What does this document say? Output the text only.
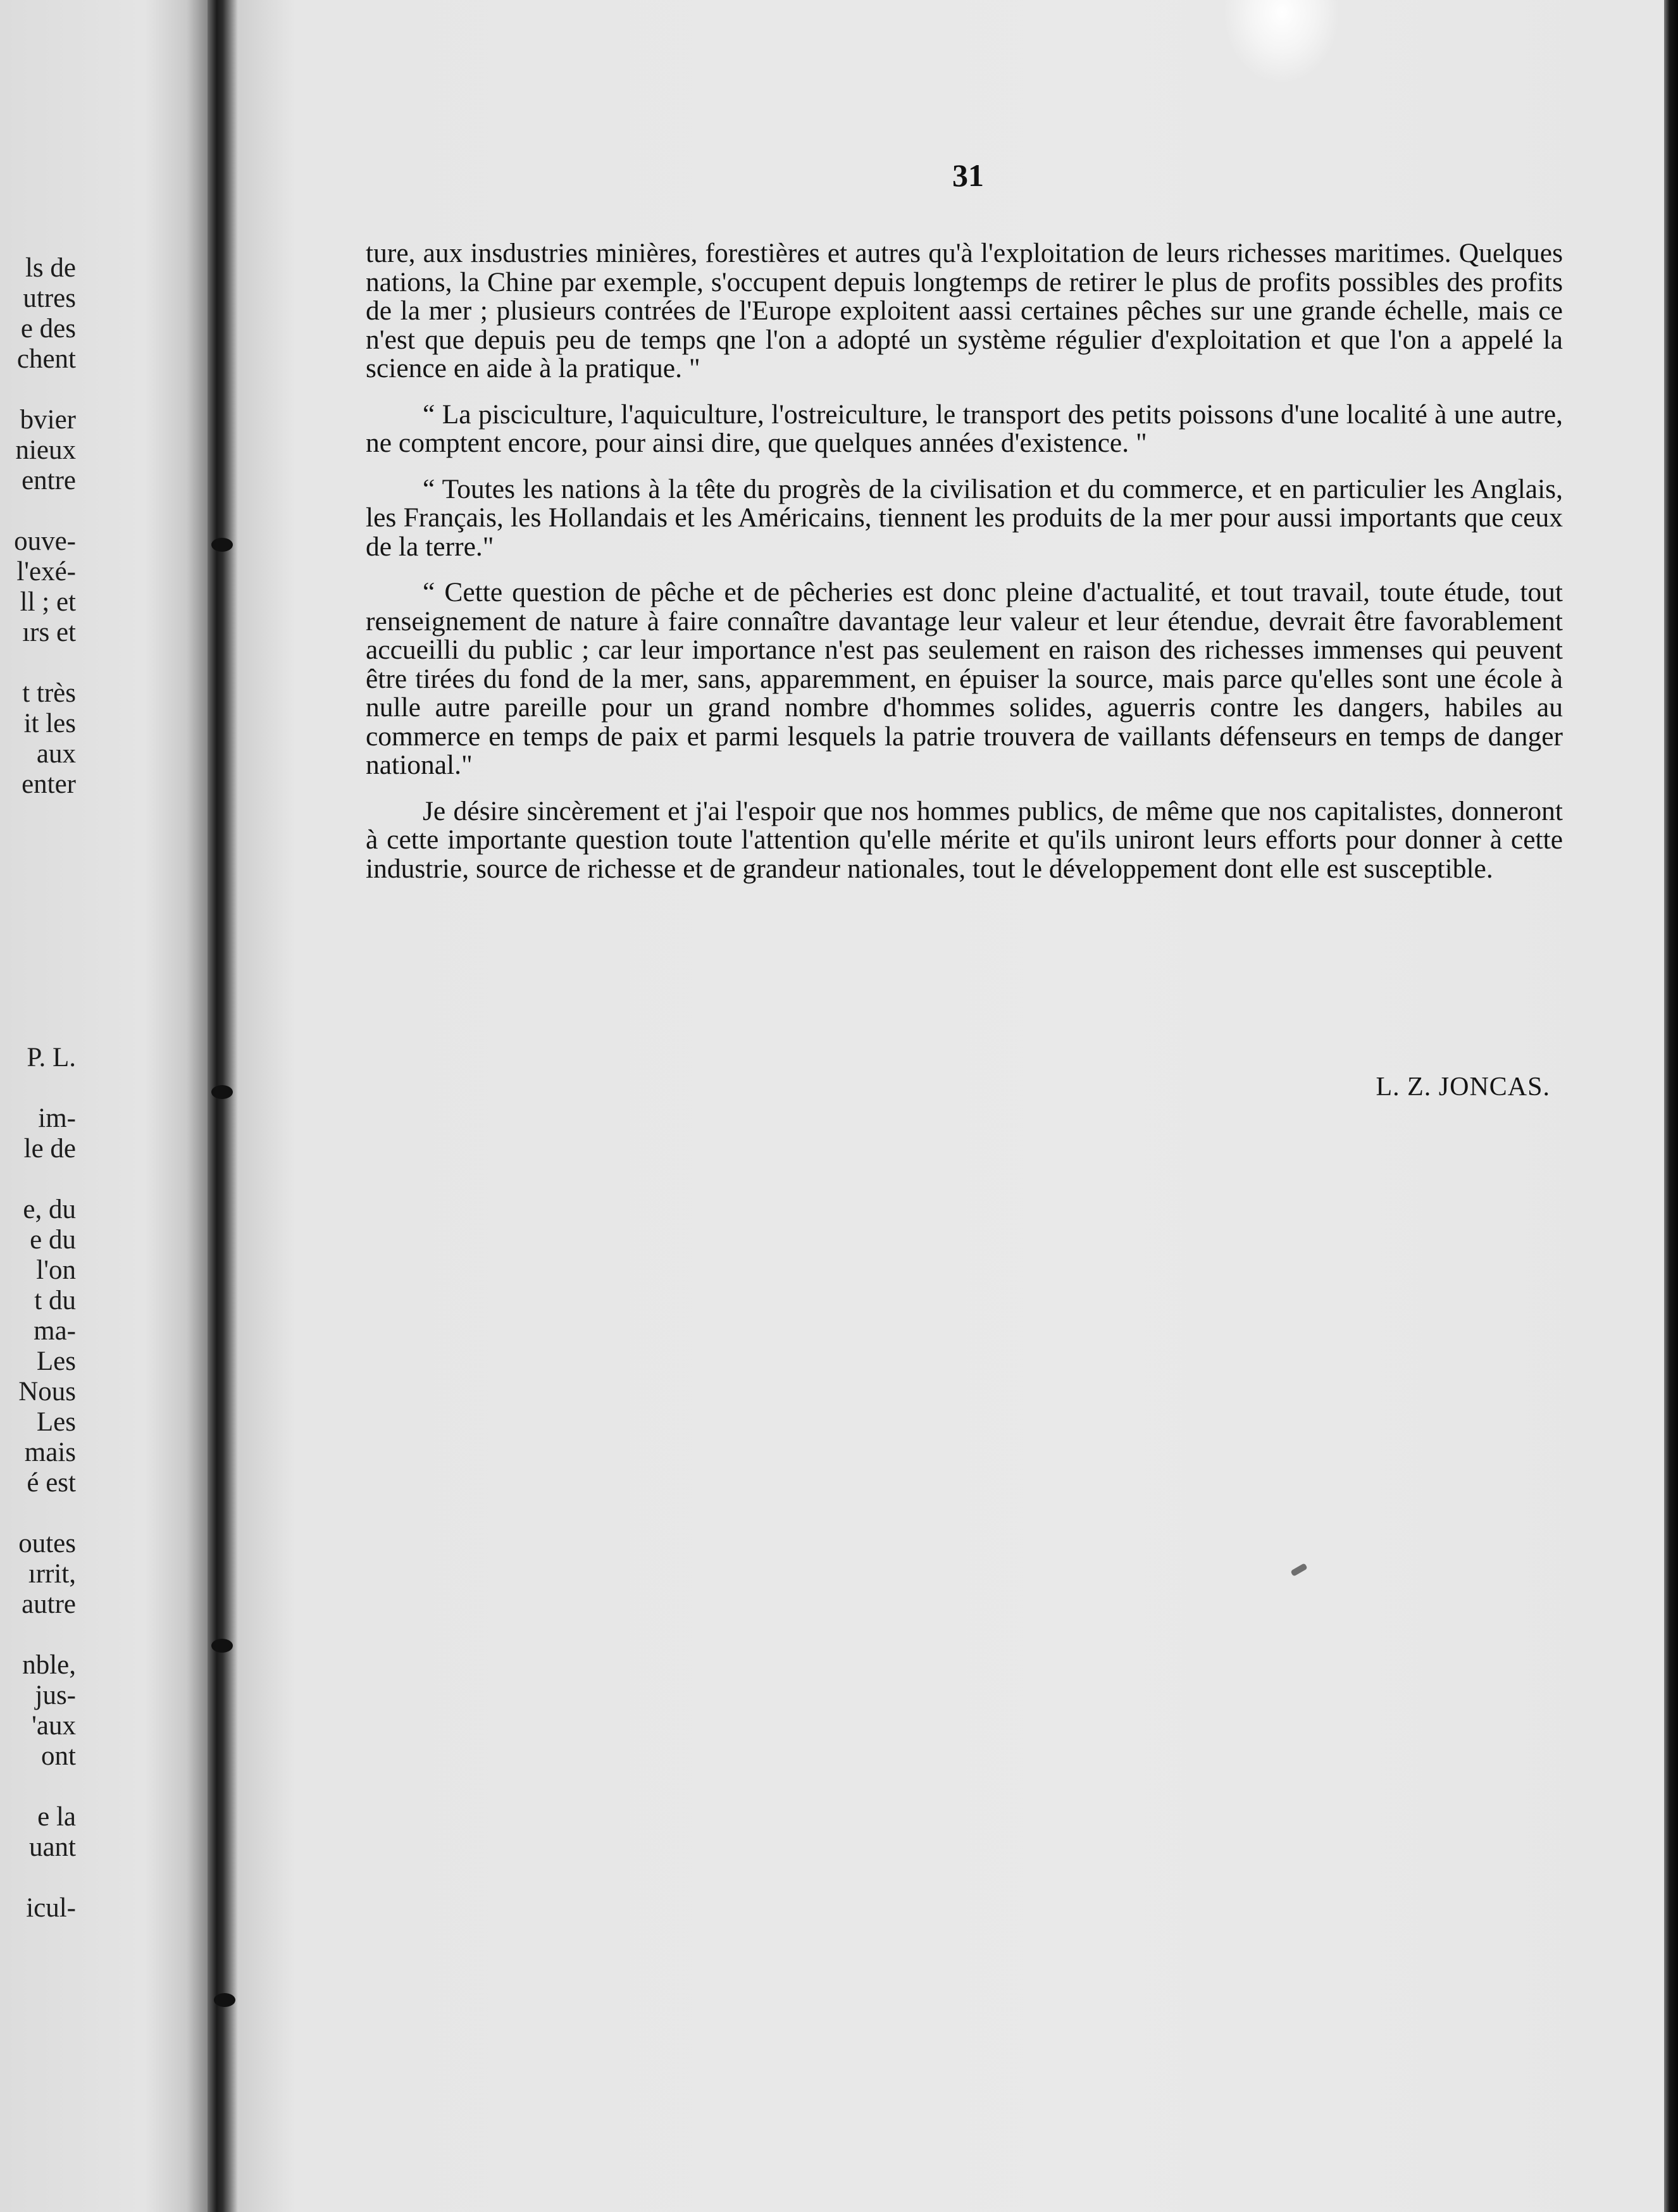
ls de
utres
e des
chent
bvier
nieux
entre
ouve-
l'exé-
ll ; et
ırs et
t très
it les
aux
enter
P. L.
im-
le de
e, du
e du
l'on
t du
ma-
Les
Nous
Les
mais
é est
outes
ırrit,
autre
nble,
jus-
'aux
ont
e la
uant
icul-
31

ture, aux insdustries minières, forestières et autres qu'à l'exploitation de leurs richesses maritimes. Quelques nations, la Chine par exemple, s'occupent depuis longtemps de retirer le plus de profits possibles des profits de la mer ; plusieurs contrées de l'Europe exploitent aassi certaines pêches sur une grande échelle, mais ce n'est que depuis peu de temps qne l'on a adopté un système régulier d'exploitation et que l'on a appelé la science en aide à la pratique. "

“ La pisciculture, l'aquiculture, l'ostreiculture, le transport des petits poissons d'une localité à une autre, ne comptent encore, pour ainsi dire, que quelques années d'existence. "

“ Toutes les nations à la tête du progrès de la civilisation et du commerce, et en particulier les Anglais, les Français, les Hollandais et les Américains, tiennent les produits de la mer pour aussi importants que ceux de la terre."

“ Cette question de pêche et de pêcheries est donc pleine d'actualité, et tout travail, toute étude, tout renseignement de nature à faire connaître davantage leur valeur et leur étendue, devrait être favorablement accueilli du public ; car leur importance n'est pas seulement en raison des richesses immenses qui peuvent être tirées du fond de la mer, sans, apparemment, en épuiser la source, mais parce qu'elles sont une école à nulle autre pareille pour un grand nombre d'hommes solides, aguerris contre les dangers, habiles au commerce en temps de paix et parmi lesquels la patrie trouvera de vaillants défenseurs en temps de danger national."

Je désire sincèrement et j'ai l'espoir que nos hommes publics, de même que nos capitalistes, donneront à cette importante question toute l'attention qu'elle mérite et qu'ils uniront leurs efforts pour donner à cette industrie, source de richesse et de grandeur nationales, tout le développement dont elle est susceptible.

L. Z. JONCAS.
